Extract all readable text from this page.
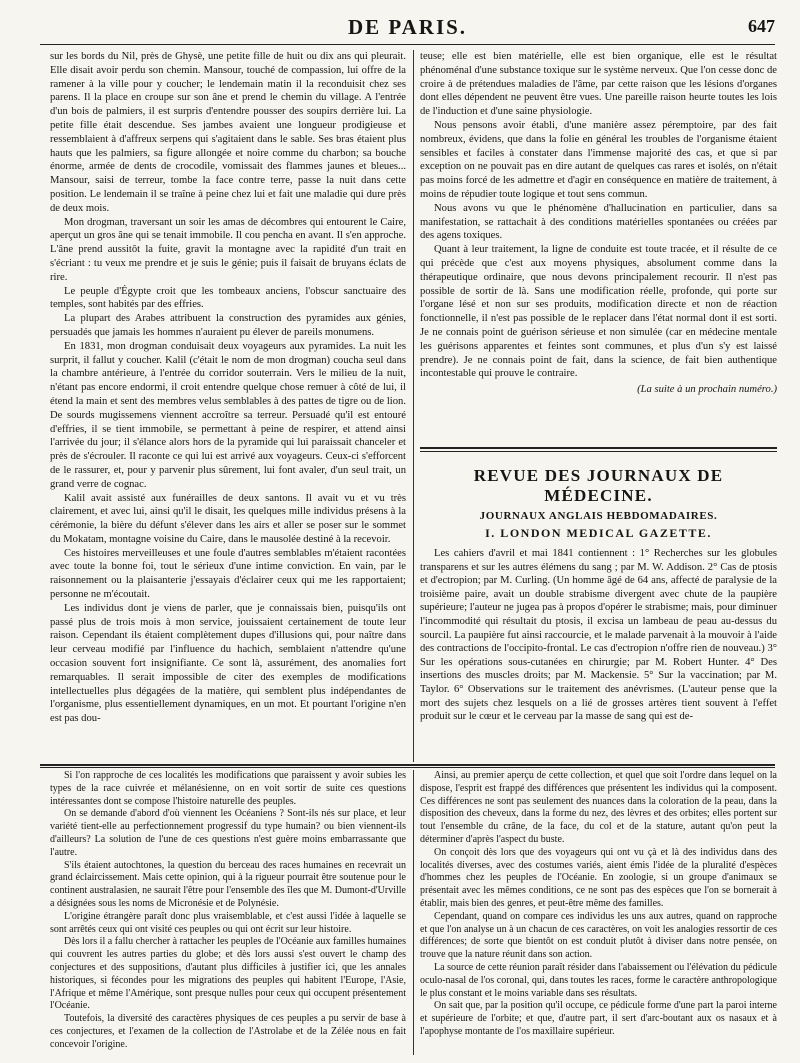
DE PARIS.	647

sur les bords du Nil, près de Ghysè, une petite fille de huit ou dix ans qui pleurait. Elle disait avoir perdu son chemin. Mansour, touché de compassion, lui offre de la ramener à la ville pour y coucher; le lendemain matin il la reconduisit chez ses parens. Il la place en croupe sur son âne et prend le chemin du village. A l'entrée d'un bois de palmiers, il est surpris d'entendre pousser des soupirs derrière lui. La petite fille était descendue. Ses jambes avaient une longueur prodigieuse et ressemblaient à d'affreux serpens qui s'agitaient dans le sable. Ses bras étaient plus hauts que les palmiers, sa figure allongée et noire comme du charbon; sa bouche énorme, armée de dents de crocodile, vomissait des flammes jaunes et bleues... Mansour, saisi de terreur, tombe la face contre terre, passe la nuit dans cette position. Le lendemain il se traîne à peine chez lui et fait une maladie qui dure près de deux mois.

Mon drogman, traversant un soir les amas de décombres qui entourent le Caire, aperçut un gros âne qui se tenait immobile. Il cou pencha en avant. Il s'en approche. L'âne prend aussitôt la fuite, gravit la montagne avec la rapidité d'un trait en s'écriant : tu veux me prendre et je suis le génie; puis il faisait de bruyans éclats de rire.

Le peuple d'Égypte croit que les tombeaux anciens, l'obscur sanctuaire des temples, sont habités par des effries.

La plupart des Arabes attribuent la construction des pyramides aux génies, persuadés que jamais les hommes n'auraient pu élever de pareils monumens.

En 1831, mon drogman conduisait deux voyageurs aux pyramides. La nuit les surprit, il fallut y coucher. Kalil (c'était le nom de mon drogman) coucha seul dans la chambre antérieure, à l'entrée du corridor souterrain. Vers le milieu de la nuit, n'étant pas encore endormi, il croit entendre quelque chose remuer à côté de lui, il étend la main et sent des membres velus semblables à des pattes de tigre ou de lion. De sourds mugissemens viennent accroître sa terreur. Persuadé qu'il est entouré d'effries, il se tient immobile, se permettant à peine de respirer, et attend ainsi l'arrivée du jour; il s'élance alors hors de la pyramide qui lui paraissait chanceler et près de s'écrouler. Il raconte ce qui lui est arrivé aux voyageurs. Ceux-ci s'efforcent de le rassurer, et, pour y parvenir plus sûrement, lui font avaler, d'un seul trait, un grand verre de cognac.

Kalil avait assisté aux funérailles de deux santons. Il avait vu et vu très clairement, et avec lui, ainsi qu'il le disait, les quelques mille individus présens à la cérémonie, la bière du défunt s'élever dans les airs et aller se poser sur le sommet du Mokatam, montagne voisine du Caire, dans le mausolée destiné à la recevoir.

Ces histoires merveilleuses et une foule d'autres semblables m'étaient racontées avec toute la bonne foi, tout le sérieux d'une intime conviction. En vain, par le raisonnement ou la plaisanterie j'essayais d'éclairer ceux qui me les rapportaient; personne ne m'écoutait.

Les individus dont je viens de parler, que je connaissais bien, puisqu'ils ont passé plus de trois mois à mon service, jouissaient certainement de toute leur raison. Cependant ils étaient complètement dupes d'illusions qui, pour naître dans leur cerveau modifié par l'influence du hachich, semblaient n'attendre qu'une occasion souvent fort insignifiante. Ce sont là, assurément, des anomalies fort remarquables. Il serait impossible de citer des exemples de modifications intellectuelles plus dégagées de la matière, qui semblent plus indépendantes de l'organisme, plus essentiellement dynamiques, en un mot. Et pourtant l'origine n'en est pas dou-

teuse; elle est bien matérielle, elle est bien organique, elle est le résultat phénoménal d'une substance toxique sur le système nerveux. Que l'on cesse donc de croire à de prétendues maladies de l'âme, par cette raison que les lésions d'organes dont elles dépendent ne peuvent être vues. Une pareille raison heurte toutes les lois de l'induction et d'une saine physiologie.

Nous pensons avoir établi, d'une manière assez péremptoire, par des fait nombreux, évidens, que dans la folie en général les troubles de l'organisme étaient sensibles et faciles à constater dans l'immense majorité des cas, et que si par exception on ne pouvait pas en dire autant de quelques cas rares et isolés, on n'était pas moins forcé de les admettre et d'agir en conséquence en matière de traitement, à moins de répudier toute logique et tout sens commun.

Nous avons vu que le phénomène d'hallucination en particulier, dans sa manifestation, se rattachait à des conditions matérielles spontanées ou créées par des agens toxiques.

Quant à leur traitement, la ligne de conduite est toute tracée, et il résulte de ce qui précède que c'est aux moyens physiques, absolument comme dans la thérapeutique ordinaire, que nous devons principalement recourir. Il n'est pas possible de sortir de là. Sans une modification réelle, profonde, qui porte sur l'organe lésé et non sur ses produits, modification directe et non de réaction fonctionnelle, il n'est pas possible de le replacer dans l'état normal dont il est sorti. Je ne connais point de guérison sérieuse et non simulée (car en médecine mentale les guérisons apparentes et feintes sont communes, et plus d'un s'y est laissé prendre). Je ne connais point de fait, dans la science, de fait bien authentique incontestable qui prouve le contraire.

(La suite à un prochain numéro.)

REVUE DES JOURNAUX DE MÉDECINE.
JOURNAUX ANGLAIS HEBDOMADAIRES.
I. LONDON MEDICAL GAZETTE.

Les cahiers d'avril et mai 1841 contiennent : 1° Recherches sur les globules transparens et sur les autres élémens du sang ; par M. W. Addison. 2° Cas de ptosis et d'ectropion; par M. Curling. (Un homme âgé de 64 ans, affecté de paralysie de la troisième paire, avait un double strabisme divergent avec chute de la paupière supérieure; l'auteur ne jugea pas à propos d'opérer le strabisme; mais, pour diminuer l'incommodité qui résultait du ptosis, il excisa un lambeau de peau au-dessus du sourcil. La paupière fut ainsi raccourcie, et le malade parvenait à la mouvoir à l'aide des contractions de l'occipito-frontal. Le cas d'ectropion n'offre rien de nouveau.) 3° Sur les opérations sous-cutanées en chirurgie; par M. Robert Hunter. 4° Des insertions des muscles droits; par M. Mackensie. 5° Sur la vaccination; par M. Taylor. 6° Observations sur le traitement des anévrismes. (L'auteur pense que la mort des sujets chez lesquels on a lié de grosses artères tient souvent à l'effet produit sur le cœur et le cerveau par la masse de sang qui est de-

Si l'on rapproche de ces localités les modifications que paraissent y avoir subies les types de la race cuivrée et mélanésienne, on en voit sortir de suite ces questions intéressantes dont se compose l'histoire naturelle des peuples.

On se demande d'abord d'où viennent les Océaniens ? Sont-ils nés sur place, et leur variété tient-elle au perfectionnement progressif du type humain? ou bien viennent-ils d'ailleurs? La solution de l'une de ces questions n'est guère moins embarrassante que l'autre.

S'ils étaient autochtones, la question du berceau des races humaines en recevrait un grand éclaircissement. Mais cette opinion, qui à la rigueur pourrait être soutenue pour le continent australasien, ne saurait l'être pour l'ensemble des îles que M. Dumont-d'Urville a désignées sous les noms de Micronésie et de Polynésie.

L'origine étrangère paraît donc plus vraisemblable, et c'est aussi l'idée à laquelle se sont arrêtés ceux qui ont visité ces peuples ou qui ont écrit sur leur histoire.

Dès lors il a fallu chercher à rattacher les peuples de l'Océanie aux familles humaines qui couvrent les autres parties du globe; et dès lors aussi s'est ouvert le champ des conjectures et des suppositions, d'autant plus difficiles à justifier ici, que les annales historiques, si fécondes pour les migrations des peuples qui habitent l'Europe, l'Asie, l'Afrique et même l'Amérique, sont presque nulles pour ceux qui occupent présentement l'Océanie.

Toutefois, la diversité des caractères physiques de ces peuples a pu servir de base à ces conjectures, et l'examen de la collection de l'Astrolabe et de la Zélée nous en fait concevoir l'origine.

Ainsi, au premier aperçu de cette collection, et quel que soit l'ordre dans lequel on la dispose, l'esprit est frappé des différences que présentent les individus qui la composent. Ces différences ne sont pas seulement des nuances dans la coloration de la peau, dans la disposition des cheveux, dans la forme du nez, des lèvres et des orbites; elles portent sur tout l'ensemble du crâne, de la face, du col et de la stature, autant qu'on peut la déterminer d'après l'aspect du buste.

On conçoit dès lors que des voyageurs qui ont vu çà et là des individus dans des localités diverses, avec des costumes variés, aient émis l'idée de la pluralité d'espèces d'hommes chez les peuples de l'Océanie. En zoologie, si un groupe d'animaux se présentait avec les mêmes conditions, ce ne sont pas des espèces que l'on se bornerait à établir, mais bien des genres, et peut-être même des familles.

Cependant, quand on compare ces individus les uns aux autres, quand on rapproche et que l'on analyse un à un chacun de ces caractères, on voit les analogies ressortir de ces différences; de sorte que bientôt on est conduit plutôt à diviser dans notre pensée, on trouve que la nature réunit dans son action.

La source de cette réunion paraît résider dans l'abaissement ou l'élévation du pédicule oculo-nasal de l'os coronal, qui, dans toutes les races, forme le caractère anthropologique le plus constant et le moins variable dans ses résultats.

On sait que, par la position qu'il occupe, ce pédicule forme d'une part la paroi interne et supérieure de l'orbite; et que, d'autre part, il sert d'arc-boutant aux os nasaux et à l'apophyse montante de l'os maxillaire supérieur.
